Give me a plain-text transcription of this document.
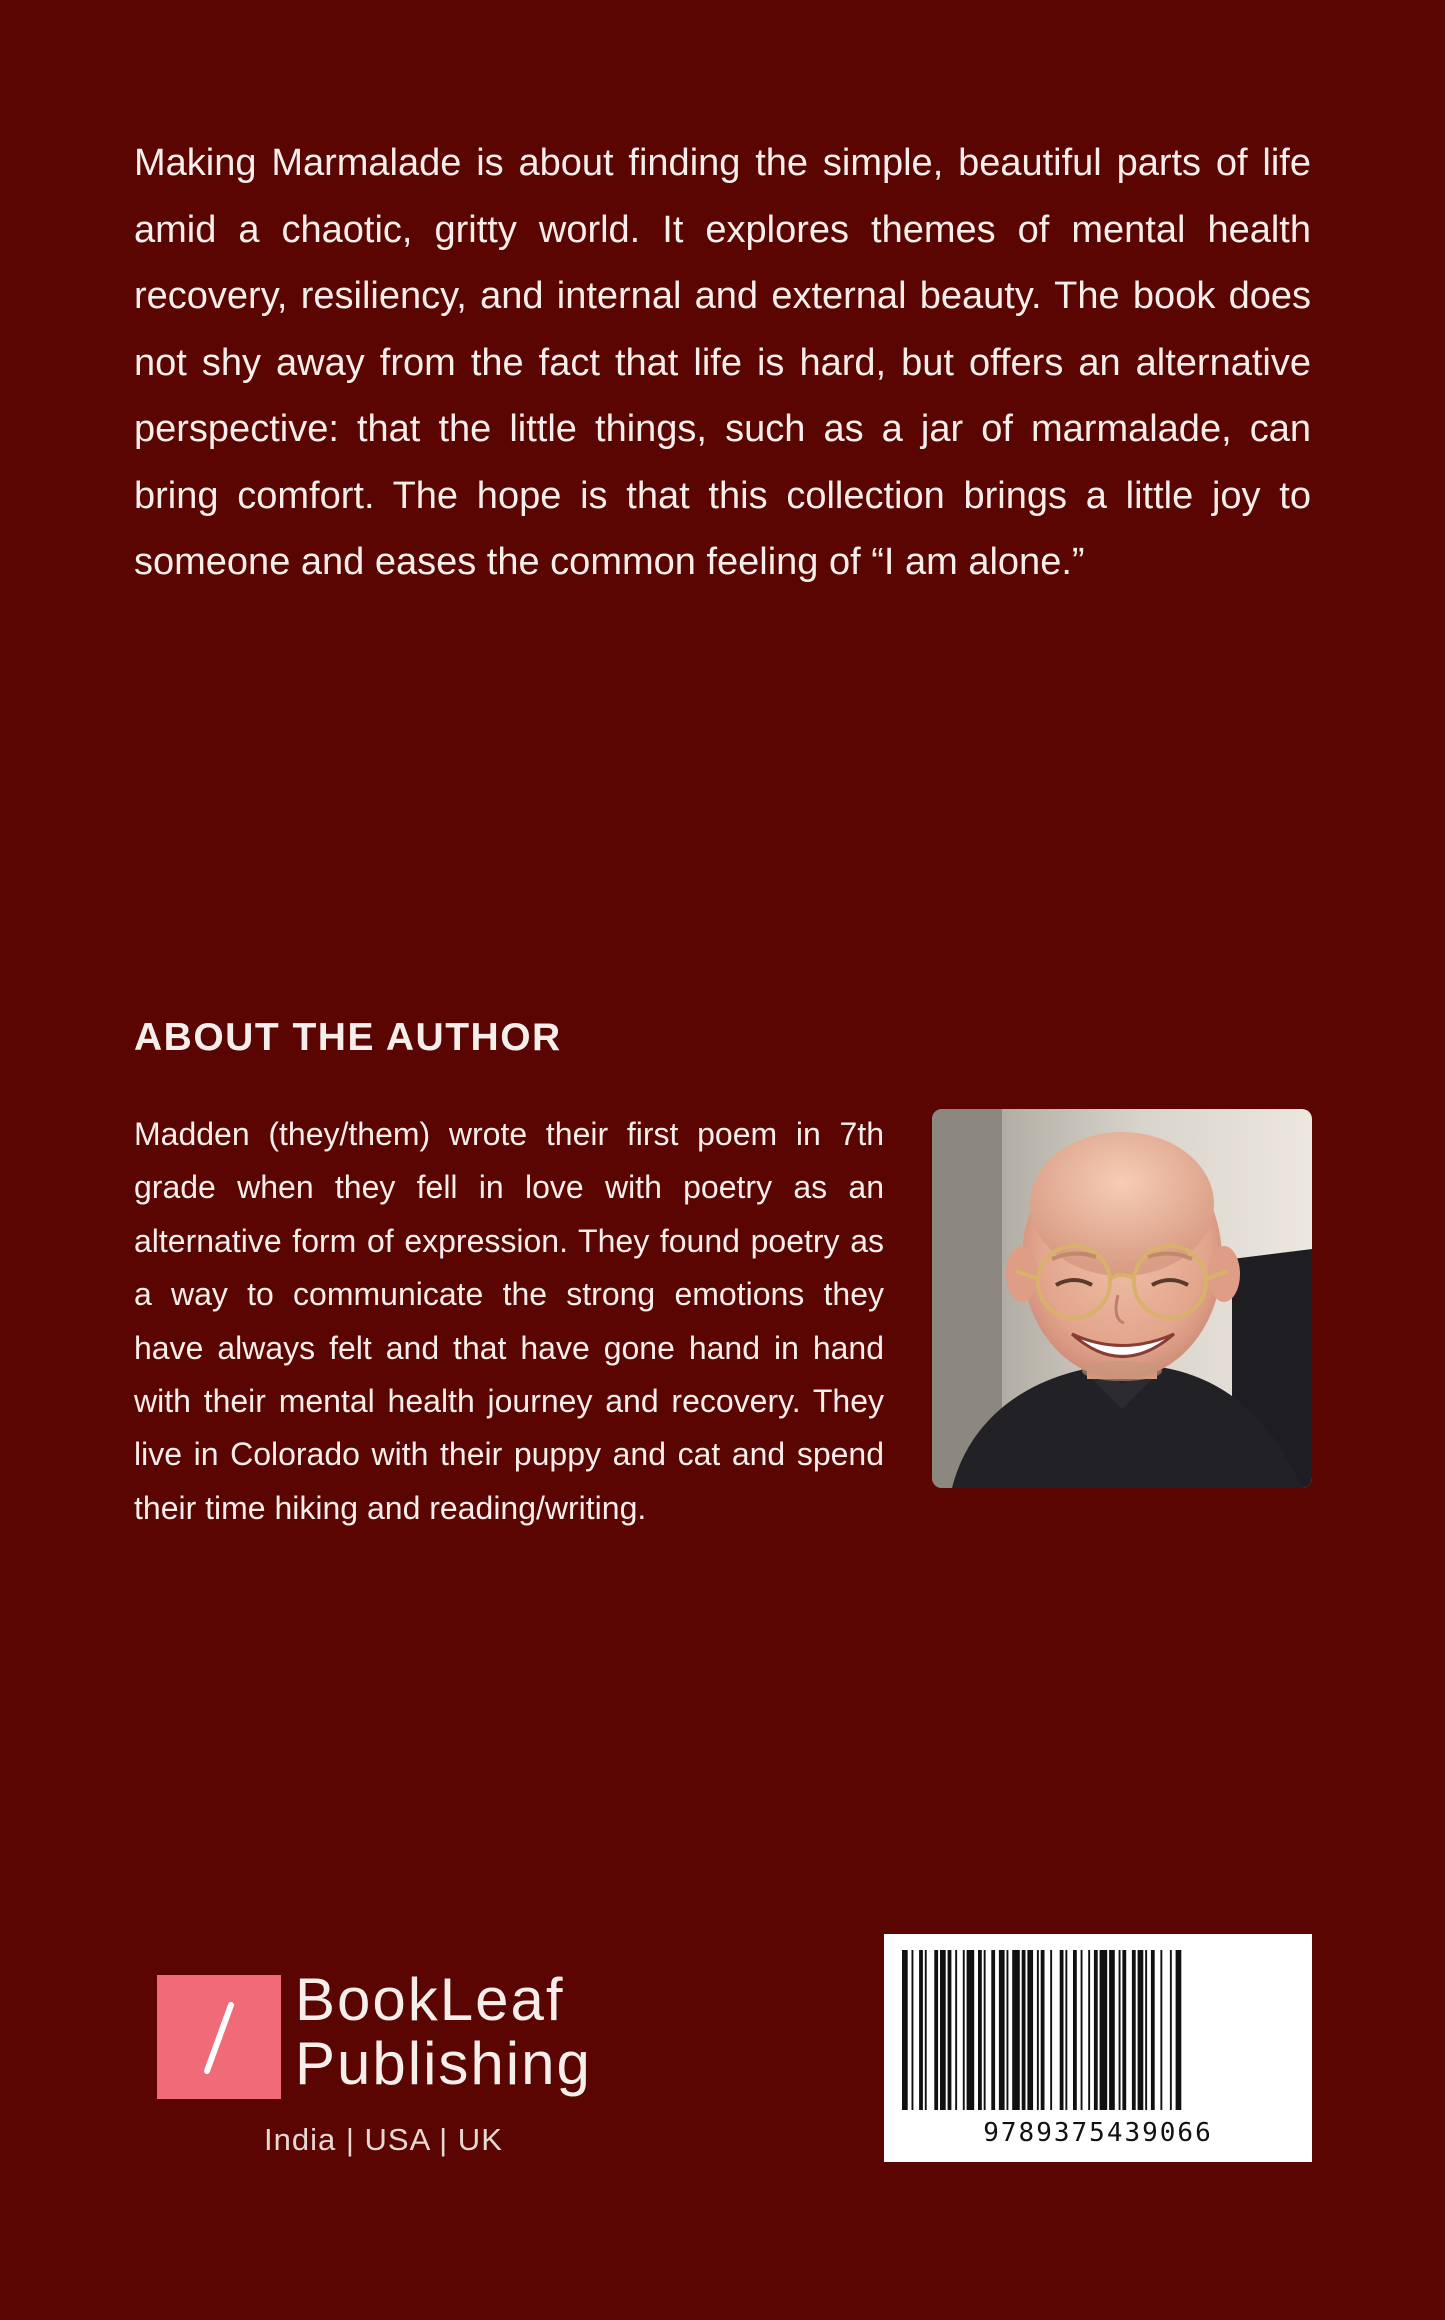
Making Marmalade is about finding the simple, beautiful parts of life amid a chaotic, gritty world. It explores themes of mental health recovery, resiliency, and internal and external beauty. The book does not shy away from the fact that life is hard, but offers an alternative perspective: that the little things, such as a jar of marmalade, can bring comfort. The hope is that this collection brings a little joy to someone and eases the common feeling of “I am alone.”

ABOUT THE AUTHOR

Madden (they/them) wrote their first poem in 7th grade when they fell in love with poetry as an alternative form of expression. They found poetry as a way to communicate the strong emotions they have always felt and that have gone hand in hand with their mental health journey and recovery. They live in Colorado with their puppy and cat and spend their time hiking and reading/writing.

BookLeaf
Publishing
India | USA | UK	9789375439066
